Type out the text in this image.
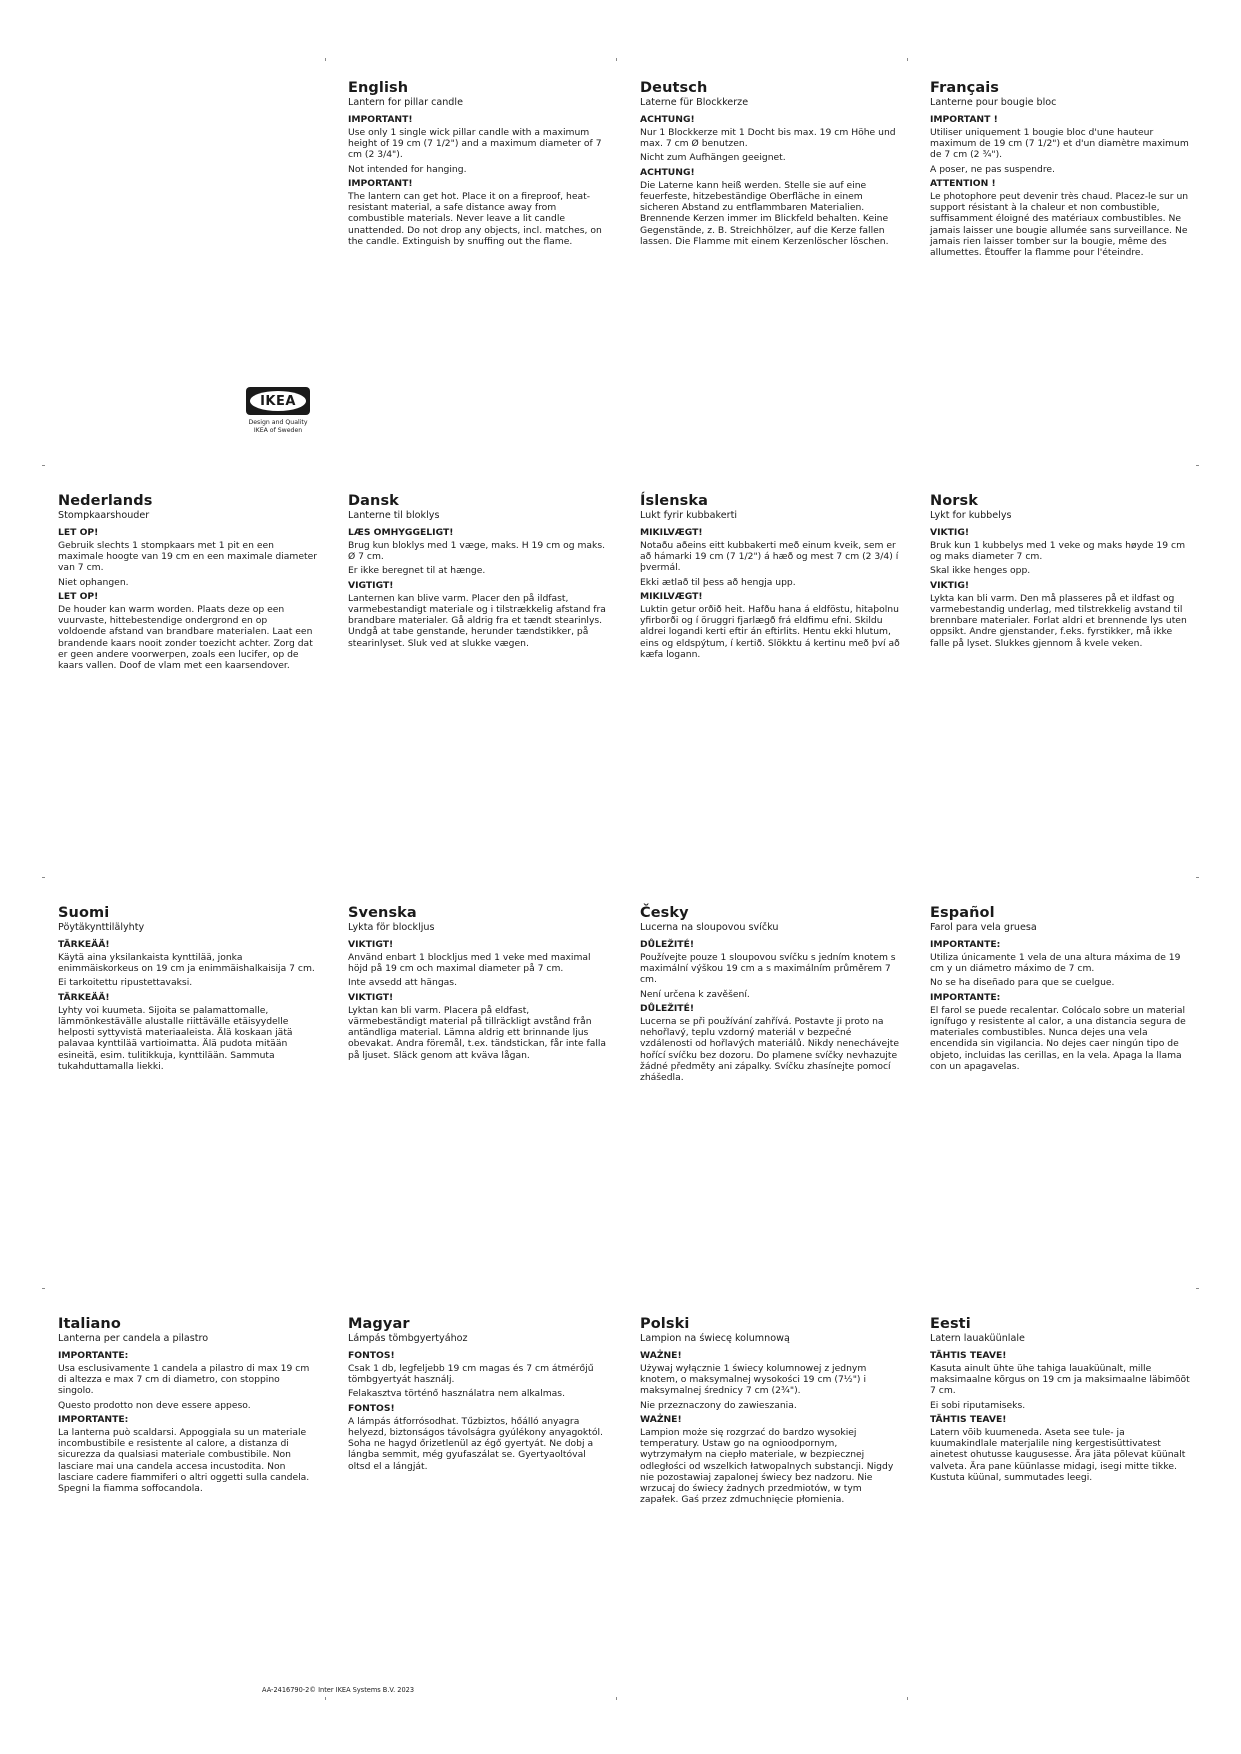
IKEA
Design and Quality
IKEA of Sweden
AA-2416790-2© Inter IKEA Systems B.V. 2023
English
Lantern for pillar candle
IMPORTANT!
Use only 1 single wick pillar candle with a maximum height of 19 cm (7 1/2") and a maximum diameter of 7 cm (2 3/4").
Not intended for hanging.
IMPORTANT!
The lantern can get hot. Place it on a fireproof, heat-resistant material, a safe distance away from combustible materials. Never leave a lit candle unattended. Do not drop any objects, incl. matches, on the candle. Extinguish by snuffing out the flame.
Deutsch
Laterne für Blockkerze
ACHTUNG!
Nur 1 Blockkerze mit 1 Docht bis max. 19 cm Höhe und max. 7 cm Ø benutzen.
Nicht zum Aufhängen geeignet.
ACHTUNG!
Die Laterne kann heiß werden. Stelle sie auf eine feuerfeste, hitzebeständige Oberfläche in einem sicheren Abstand zu entflammbaren Materialien. Brennende Kerzen immer im Blickfeld behalten. Keine Gegenstände, z. B. Streichhölzer, auf die Kerze fallen lassen. Die Flamme mit einem Kerzenlöscher löschen.
Français
Lanterne pour bougie bloc
IMPORTANT !
Utiliser uniquement 1 bougie bloc d'une hauteur maximum de 19 cm (7 1/2") et d'un diamètre maximum de 7 cm (2 ¾").
A poser, ne pas suspendre.
ATTENTION !
Le photophore peut devenir très chaud. Placez-le sur un support résistant à la chaleur et non combustible, suffisamment éloigné des matériaux combustibles. Ne jamais laisser une bougie allumée sans surveillance. Ne jamais rien laisser tomber sur la bougie, même des allumettes. Étouffer la flamme pour l'éteindre.
Nederlands
Stompkaarshouder
LET OP!
Gebruik slechts 1 stompkaars met 1 pit en een maximale hoogte van 19 cm en een maximale diameter van 7 cm.
Niet ophangen.
LET OP!
De houder kan warm worden. Plaats deze op een vuurvaste, hittebestendige ondergrond en op voldoende afstand van brandbare materialen. Laat een brandende kaars nooit zonder toezicht achter. Zorg dat er geen andere voorwerpen, zoals een lucifer, op de kaars vallen. Doof de vlam met een kaarsendover.
Dansk
Lanterne til bloklys
LÆS OMHYGGELIGT!
Brug kun bloklys med 1 væge, maks. H 19 cm og maks. Ø 7 cm.
Er ikke beregnet til at hænge.
VIGTIGT!
Lanternen kan blive varm. Placer den på ildfast, varmebestandigt materiale og i tilstrækkelig afstand fra brandbare materialer. Gå aldrig fra et tændt stearinlys. Undgå at tabe genstande, herunder tændstikker, på stearinlyset. Sluk ved at slukke vægen.
Íslenska
Lukt fyrir kubbakerti
MIKILVÆGT!
Notaðu aðeins eitt kubbakerti með einum kveik, sem er að hámarki 19 cm (7 1/2") á hæð og mest 7 cm (2 3/4) í þvermál.
Ekki ætlað til þess að hengja upp.
MIKILVÆGT!
Luktin getur orðið heit. Hafðu hana á eldföstu, hitaþolnu yfirborði og í öruggri fjarlægð frá eldfimu efni. Skildu aldrei logandi kerti eftir án eftirlits. Hentu ekki hlutum, eins og eldspýtum, í kertið. Slökktu á kertinu með því að kæfa logann.
Norsk
Lykt for kubbelys
VIKTIG!
Bruk kun 1 kubbelys med 1 veke og maks høyde 19 cm og maks diameter 7 cm.
Skal ikke henges opp.
VIKTIG!
Lykta kan bli varm. Den må plasseres på et ildfast og varmebestandig underlag, med tilstrekkelig avstand til brennbare materialer. Forlat aldri et brennende lys uten oppsikt. Andre gjenstander, f.eks. fyrstikker, må ikke falle på lyset. Slukkes gjennom å kvele veken.
Suomi
Pöytäkynttilälyhty
TÄRKEÄÄ!
Käytä aina yksilankaista kynttilää, jonka enimmäiskorkeus on 19 cm ja enimmäishalkaisija 7 cm.
Ei tarkoitettu ripustettavaksi.
TÄRKEÄÄ!
Lyhty voi kuumeta. Sijoita se palamattomalle, lämmönkestävälle alustalle riittävälle etäisyydelle helposti syttyvistä materiaaleista. Älä koskaan jätä palavaa kynttilää vartioimatta. Älä pudota mitään esineitä, esim. tulitikkuja, kynttilään. Sammuta tukahduttamalla liekki.
Svenska
Lykta för blockljus
VIKTIGT!
Använd enbart 1 blockljus med 1 veke med maximal höjd på 19 cm och maximal diameter på 7 cm.
Inte avsedd att hängas.
VIKTIGT!
Lyktan kan bli varm. Placera på eldfast, värmebeständigt material på tillräckligt avstånd från antändliga material. Lämna aldrig ett brinnande ljus obevakat. Andra föremål, t.ex. tändstickan, får inte falla på ljuset. Släck genom att kväva lågan.
Česky
Lucerna na sloupovou svíčku
DŮLEŽITÉ!
Používejte pouze 1 sloupovou svíčku s jedním knotem s maximální výškou 19 cm a s maximálním průměrem 7 cm.
Není určena k zavěšení.
DŮLEŽITÉ!
Lucerna se při používání zahřívá. Postavte ji proto na nehořlavý, teplu vzdorný materiál v bezpečné vzdálenosti od hořlavých materiálů. Nikdy nenechávejte hořící svíčku bez dozoru. Do plamene svíčky nevhazujte žádné předměty ani zápalky. Svíčku zhasínejte pomocí zhášedla.
Español
Farol para vela gruesa
IMPORTANTE:
Utiliza únicamente 1 vela de una altura máxima de 19 cm y un diámetro máximo de 7 cm.
No se ha diseñado para que se cuelgue.
IMPORTANTE:
El farol se puede recalentar. Colócalo sobre un material ignífugo y resistente al calor, a una distancia segura de materiales combustibles. Nunca dejes una vela encendida sin vigilancia. No dejes caer ningún tipo de objeto, incluidas las cerillas, en la vela. Apaga la llama con un apagavelas.
Italiano
Lanterna per candela a pilastro
IMPORTANTE:
Usa esclusivamente 1 candela a pilastro di max 19 cm di altezza e max 7 cm di diametro, con stoppino singolo.
Questo prodotto non deve essere appeso.
IMPORTANTE:
La lanterna può scaldarsi. Appoggiala su un materiale incombustibile e resistente al calore, a distanza di sicurezza da qualsiasi materiale combustibile. Non lasciare mai una candela accesa incustodita. Non lasciare cadere fiammiferi o altri oggetti sulla candela. Spegni la fiamma soffocandola.
Magyar
Lámpás tömbgyertyához
FONTOS!
Csak 1 db, legfeljebb 19 cm magas és 7 cm átmérőjű tömbgyertyát használj.
Felakasztva történő használatra nem alkalmas.
FONTOS!
A lámpás átforrósodhat. Tűzbiztos, hőálló anyagra helyezd, biztonságos távolságra gyúlékony anyagoktól. Soha ne hagyd őrizetlenül az égő gyertyát. Ne dobj a lángba semmit, még gyufaszálat se. Gyertyaoltóval oltsd el a lángját.
Polski
Lampion na świecę kolumnową
WAŻNE!
Używaj wyłącznie 1 świecy kolumnowej z jednym knotem, o maksymalnej wysokości 19 cm (7½") i maksymalnej średnicy 7 cm (2¾").
Nie przeznaczony do zawieszania.
WAŻNE!
Lampion może się rozgrzać do bardzo wysokiej temperatury. Ustaw go na ognioodpornym, wytrzymałym na ciepło materiale, w bezpiecznej odległości od wszelkich łatwopalnych substancji. Nigdy nie pozostawiaj zapalonej świecy bez nadzoru. Nie wrzucaj do świecy żadnych przedmiotów, w tym zapałek. Gaś przez zdmuchnięcie płomienia.
Eesti
Latern lauaküünlale
TÄHTIS TEAVE!
Kasuta ainult ühte ühe tahiga lauaküünalt, mille maksimaalne kõrgus on 19 cm ja maksimaalne läbimõõt 7 cm.
Ei sobi riputamiseks.
TÄHTIS TEAVE!
Latern võib kuumeneda. Aseta see tule- ja kuumakindlale materjalile ning kergestisüttivatest ainetest ohutusse kaugusesse. Ära jäta põlevat küünalt valveta. Ära pane küünlasse midagi, isegi mitte tikke. Kustuta küünal, summutades leegi.
